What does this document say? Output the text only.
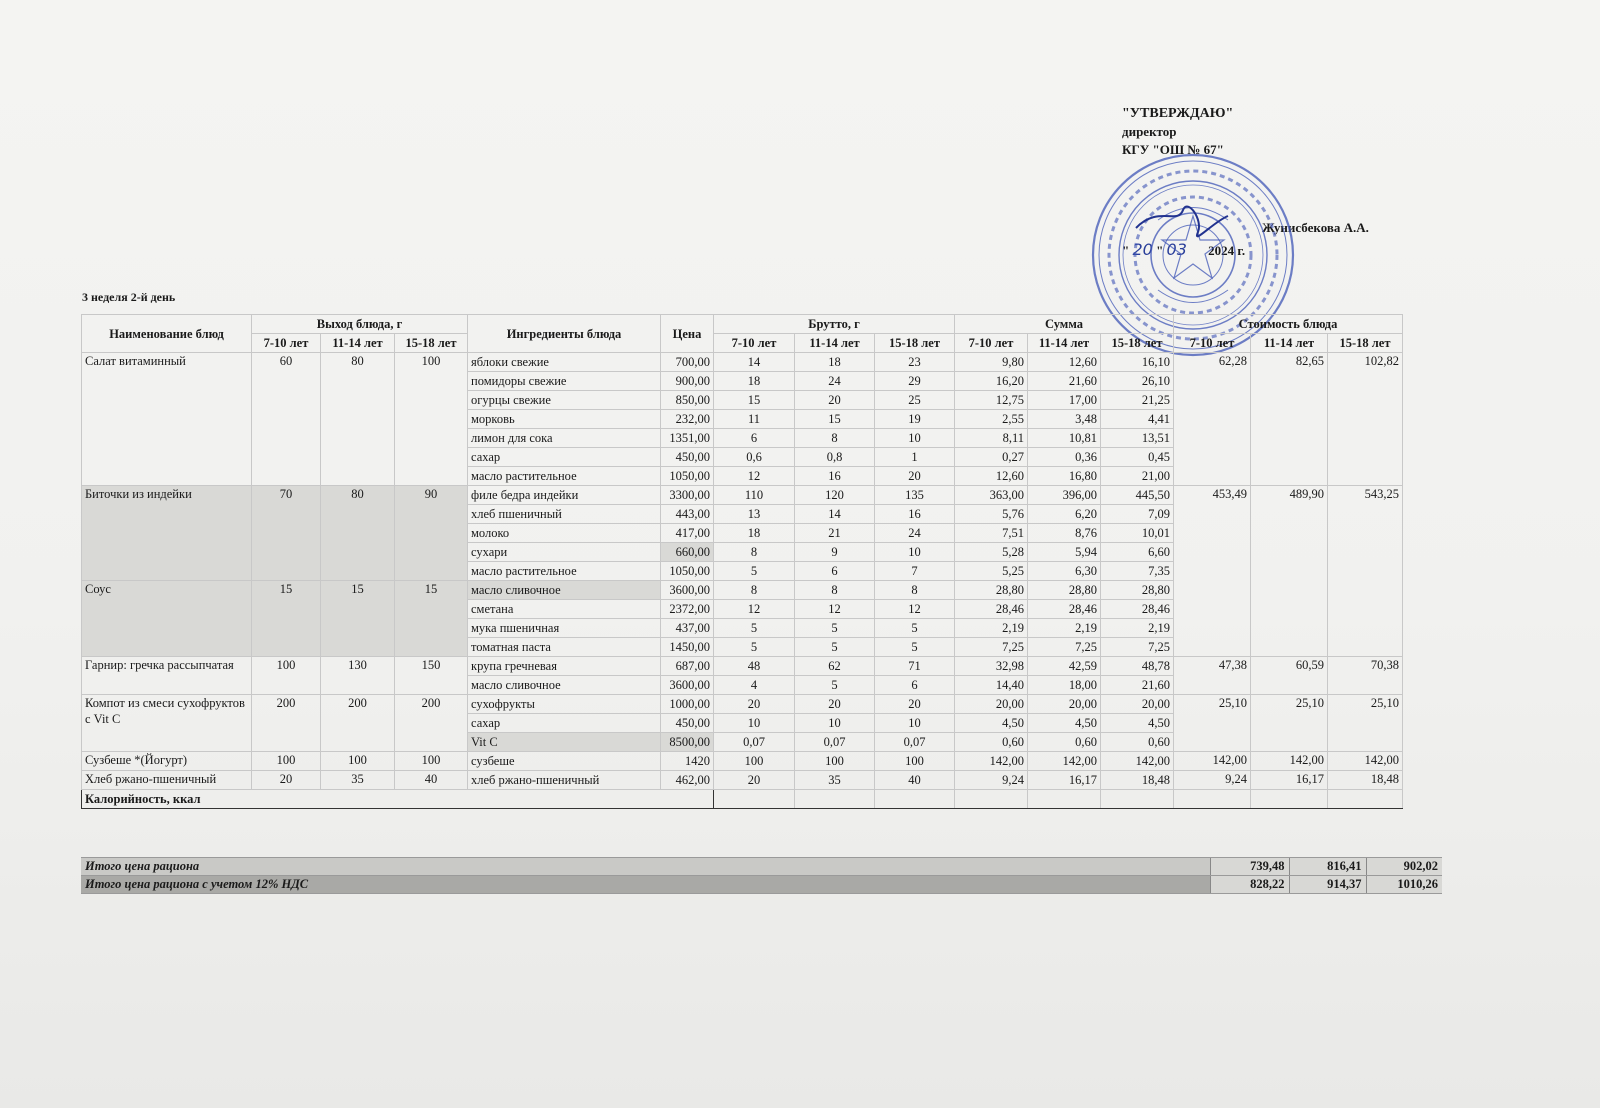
"УТВЕРЖДАЮ"
директор
КГУ "ОШ № 67"
Жунисбекова А.А.
" 20 " 03 2024 г.
3 неделя 2-й день
Наименование блюд	Выход блюда, г			Ингредиенты блюда	Цена	Брутто, г			Сумма			Стоимость блюда		
	7-10 лет	11-14 лет	15-18 лет			7-10 лет	11-14 лет	15-18 лет	7-10 лет	11-14 лет	15-18 лет	7-10 лет	11-14 лет	15-18 лет
Салат витаминный	60	80	100	яблоки свежие	700,00	14	18	23	9,80	12,60	16,10	62,28	82,65	102,82
				помидоры свежие	900,00	18	24	29	16,20	21,60	26,10			
				огурцы свежие	850,00	15	20	25	12,75	17,00	21,25			
				морковь	232,00	11	15	19	2,55	3,48	4,41			
				лимон для сока	1351,00	6	8	10	8,11	10,81	13,51			
				сахар	450,00	0,6	0,8	1	0,27	0,36	0,45			
				масло растительное	1050,00	12	16	20	12,60	16,80	21,00			
Биточки из индейки	70	80	90	филе бедра индейки	3300,00	110	120	135	363,00	396,00	445,50	453,49	489,90	543,25
				хлеб пшеничный	443,00	13	14	16	5,76	6,20	7,09			
				молоко	417,00	18	21	24	7,51	8,76	10,01			
				сухари	660,00	8	9	10	5,28	5,94	6,60			
				масло растительное	1050,00	5	6	7	5,25	6,30	7,35			
Соус	15	15	15	масло сливочное	3600,00	8	8	8	28,80	28,80	28,80			
				сметана	2372,00	12	12	12	28,46	28,46	28,46			
				мука пшеничная	437,00	5	5	5	2,19	2,19	2,19			
				томатная паста	1450,00	5	5	5	7,25	7,25	7,25			
Гарнир: гречка рассыпчатая	100	130	150	крупа гречневая	687,00	48	62	71	32,98	42,59	48,78	47,38	60,59	70,38
				масло сливочное	3600,00	4	5	6	14,40	18,00	21,60			
Компот из смеси сухофруктов с Vit C	200	200	200	сухофрукты	1000,00	20	20	20	20,00	20,00	20,00	25,10	25,10	25,10
				сахар	450,00	10	10	10	4,50	4,50	4,50			
				Vit C	8500,00	0,07	0,07	0,07	0,60	0,60	0,60			
Сузбеше *(Йогурт)	100	100	100	сузбеше	1420	100	100	100	142,00	142,00	142,00	142,00	142,00	142,00
Хлеб ржано-пшеничный	20	35	40	хлеб ржано-пшеничный	462,00	20	35	40	9,24	16,17	18,48	9,24	16,17	18,48
Калорийность, ккал														
Итого цена рациона	739,48	816,41	902,02
Итого цена рациона с учетом 12% НДС	828,22	914,37	1010,26
